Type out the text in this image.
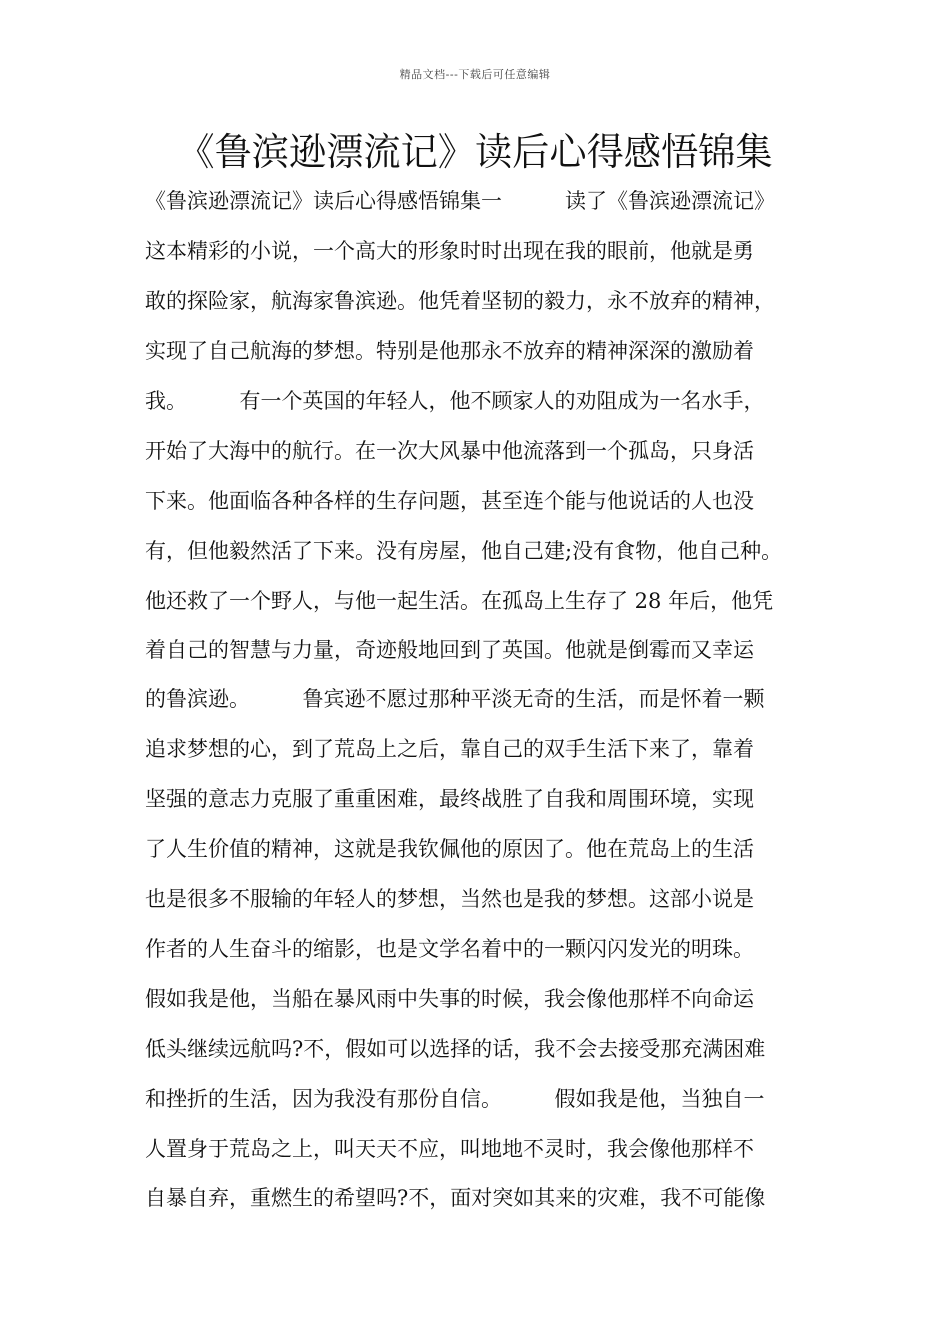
精品文档---下载后可任意编辑
《鲁滨逊漂流记》读后心得感悟锦集
《鲁滨逊漂流记》读后心得感悟锦集一　　　读了《鲁滨逊漂流记》
这本精彩的小说，一个高大的形象时时出现在我的眼前，他就是勇
敢的探险家，航海家鲁滨逊。他凭着坚韧的毅力，永不放弃的精神，
实现了自己航海的梦想。特别是他那永不放弃的精神深深的激励着
我。　　　有一个英国的年轻人，他不顾家人的劝阻成为一名水手，
开始了大海中的航行。在一次大风暴中他流落到一个孤岛，只身活
下来。他面临各种各样的生存问题，甚至连个能与他说话的人也没
有，但他毅然活了下来。没有房屋，他自己建;没有食物，他自己种。
他还救了一个野人，与他一起生活。在孤岛上生存了 28 年后，他凭
着自己的智慧与力量，奇迹般地回到了英国。他就是倒霉而又幸运
的鲁滨逊。　　　鲁宾逊不愿过那种平淡无奇的生活，而是怀着一颗
追求梦想的心，到了荒岛上之后，靠自己的双手生活下来了，靠着
坚强的意志力克服了重重困难，最终战胜了自我和周围环境，实现
了人生价值的精神，这就是我钦佩他的原因了。他在荒岛上的生活
也是很多不服输的年轻人的梦想，当然也是我的梦想。这部小说是
作者的人生奋斗的缩影，也是文学名着中的一颗闪闪发光的明珠。
假如我是他，当船在暴风雨中失事的时候，我会像他那样不向命运
低头继续远航吗?不，假如可以选择的话，我不会去接受那充满困难
和挫折的生活，因为我没有那份自信。　　　假如我是他，当独自一
人置身于荒岛之上，叫天天不应，叫地地不灵时，我会像他那样不
自暴自弃，重燃生的希望吗?不，面对突如其来的灾难，我不可能像
